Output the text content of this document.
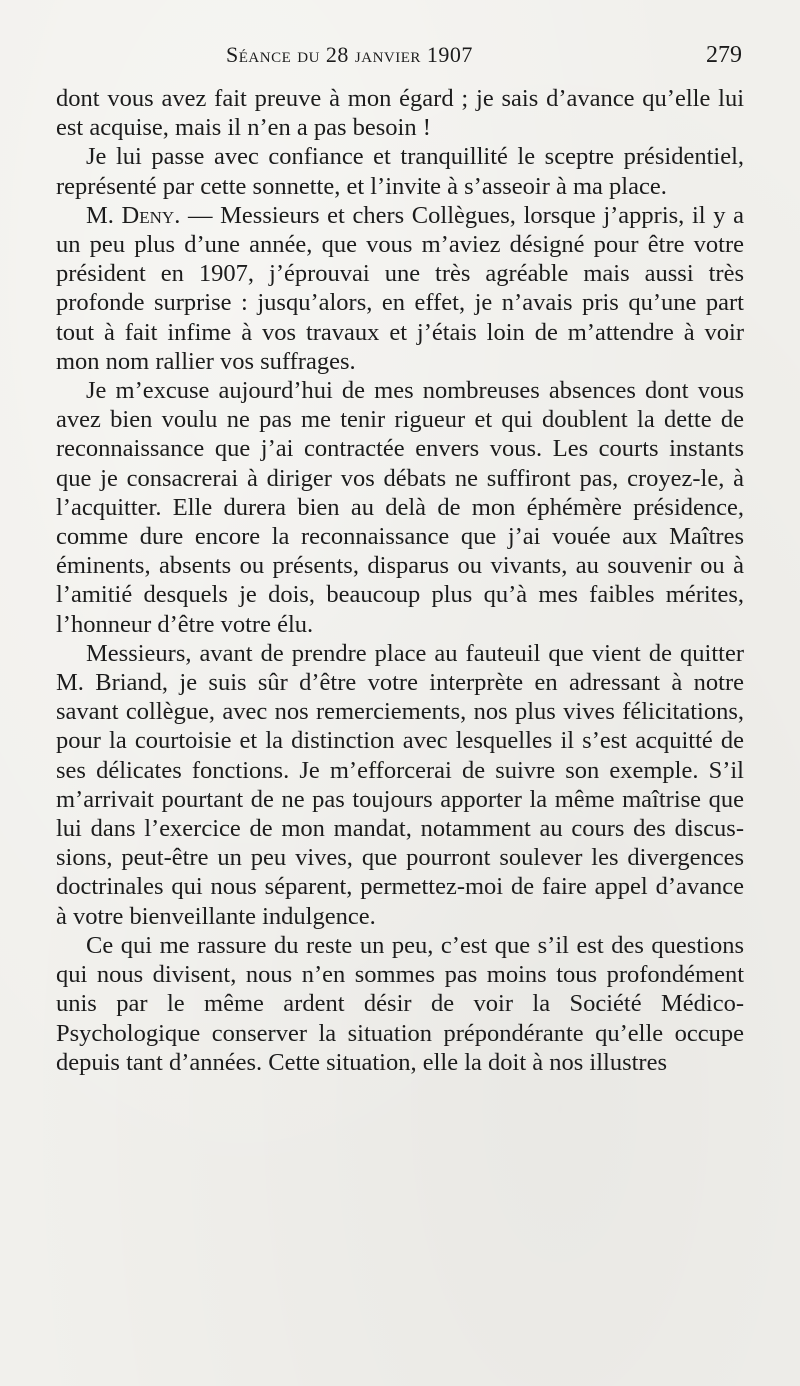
Séance du 28 janvier 1907	279

dont vous avez fait preuve à mon égard ; je sais d’avance qu’elle lui est acquise, mais il n’en a pas besoin !

Je lui passe avec confiance et tranquillité le sceptre présidentiel, représenté par cette sonnette, et l’invite à s’asseoir à ma place.

M. Deny. — Messieurs et chers Collègues, lorsque j’appris, il y a un peu plus d’une année, que vous m’aviez désigné pour être votre président en 1907, j’éprouvai une très agréable mais aussi très profonde surprise : jusqu’alors, en effet, je n’avais pris qu’une part tout à fait infime à vos travaux et j’étais loin de m’attendre à voir mon nom rallier vos suffrages.

Je m’excuse aujourd’hui de mes nombreuses absences dont vous avez bien voulu ne pas me tenir rigueur et qui doublent la dette de reconnaissance que j’ai contractée envers vous. Les courts instants que je consacrerai à diriger vos débats ne suffiront pas, croyez-le, à l’acquitter. Elle durera bien au delà de mon éphémère présidence, comme dure encore la reconnaissance que j’ai vouée aux Maîtres éminents, absents ou présents, disparus ou vivants, au souvenir ou à l’amitié desquels je dois, beaucoup plus qu’à mes faibles mérites, l’honneur d’être votre élu.

Messieurs, avant de prendre place au fauteuil que vient de quitter M. Briand, je suis sûr d’être votre interprète en adressant à notre savant collègue, avec nos remerciements, nos plus vives félicitations, pour la courtoisie et la distinction avec lesquelles il s’est acquitté de ses délicates fonctions. Je m’efforcerai de suivre son exemple. S’il m’arrivait pourtant de ne pas toujours apporter la même maîtrise que lui dans l’exercice de mon mandat, notamment au cours des discussions, peut-être un peu vives, que pourront soulever les divergences doctrinales qui nous séparent, permettez-moi de faire appel d’avance à votre bienveillante indulgence.

Ce qui me rassure du reste un peu, c’est que s’il est des questions qui nous divisent, nous n’en sommes pas moins tous profondément unis par le même ardent désir de voir la Société Médico-Psychologique conserver la situation prépondérante qu’elle occupe depuis tant d’années. Cette situation, elle la doit à nos illustres
